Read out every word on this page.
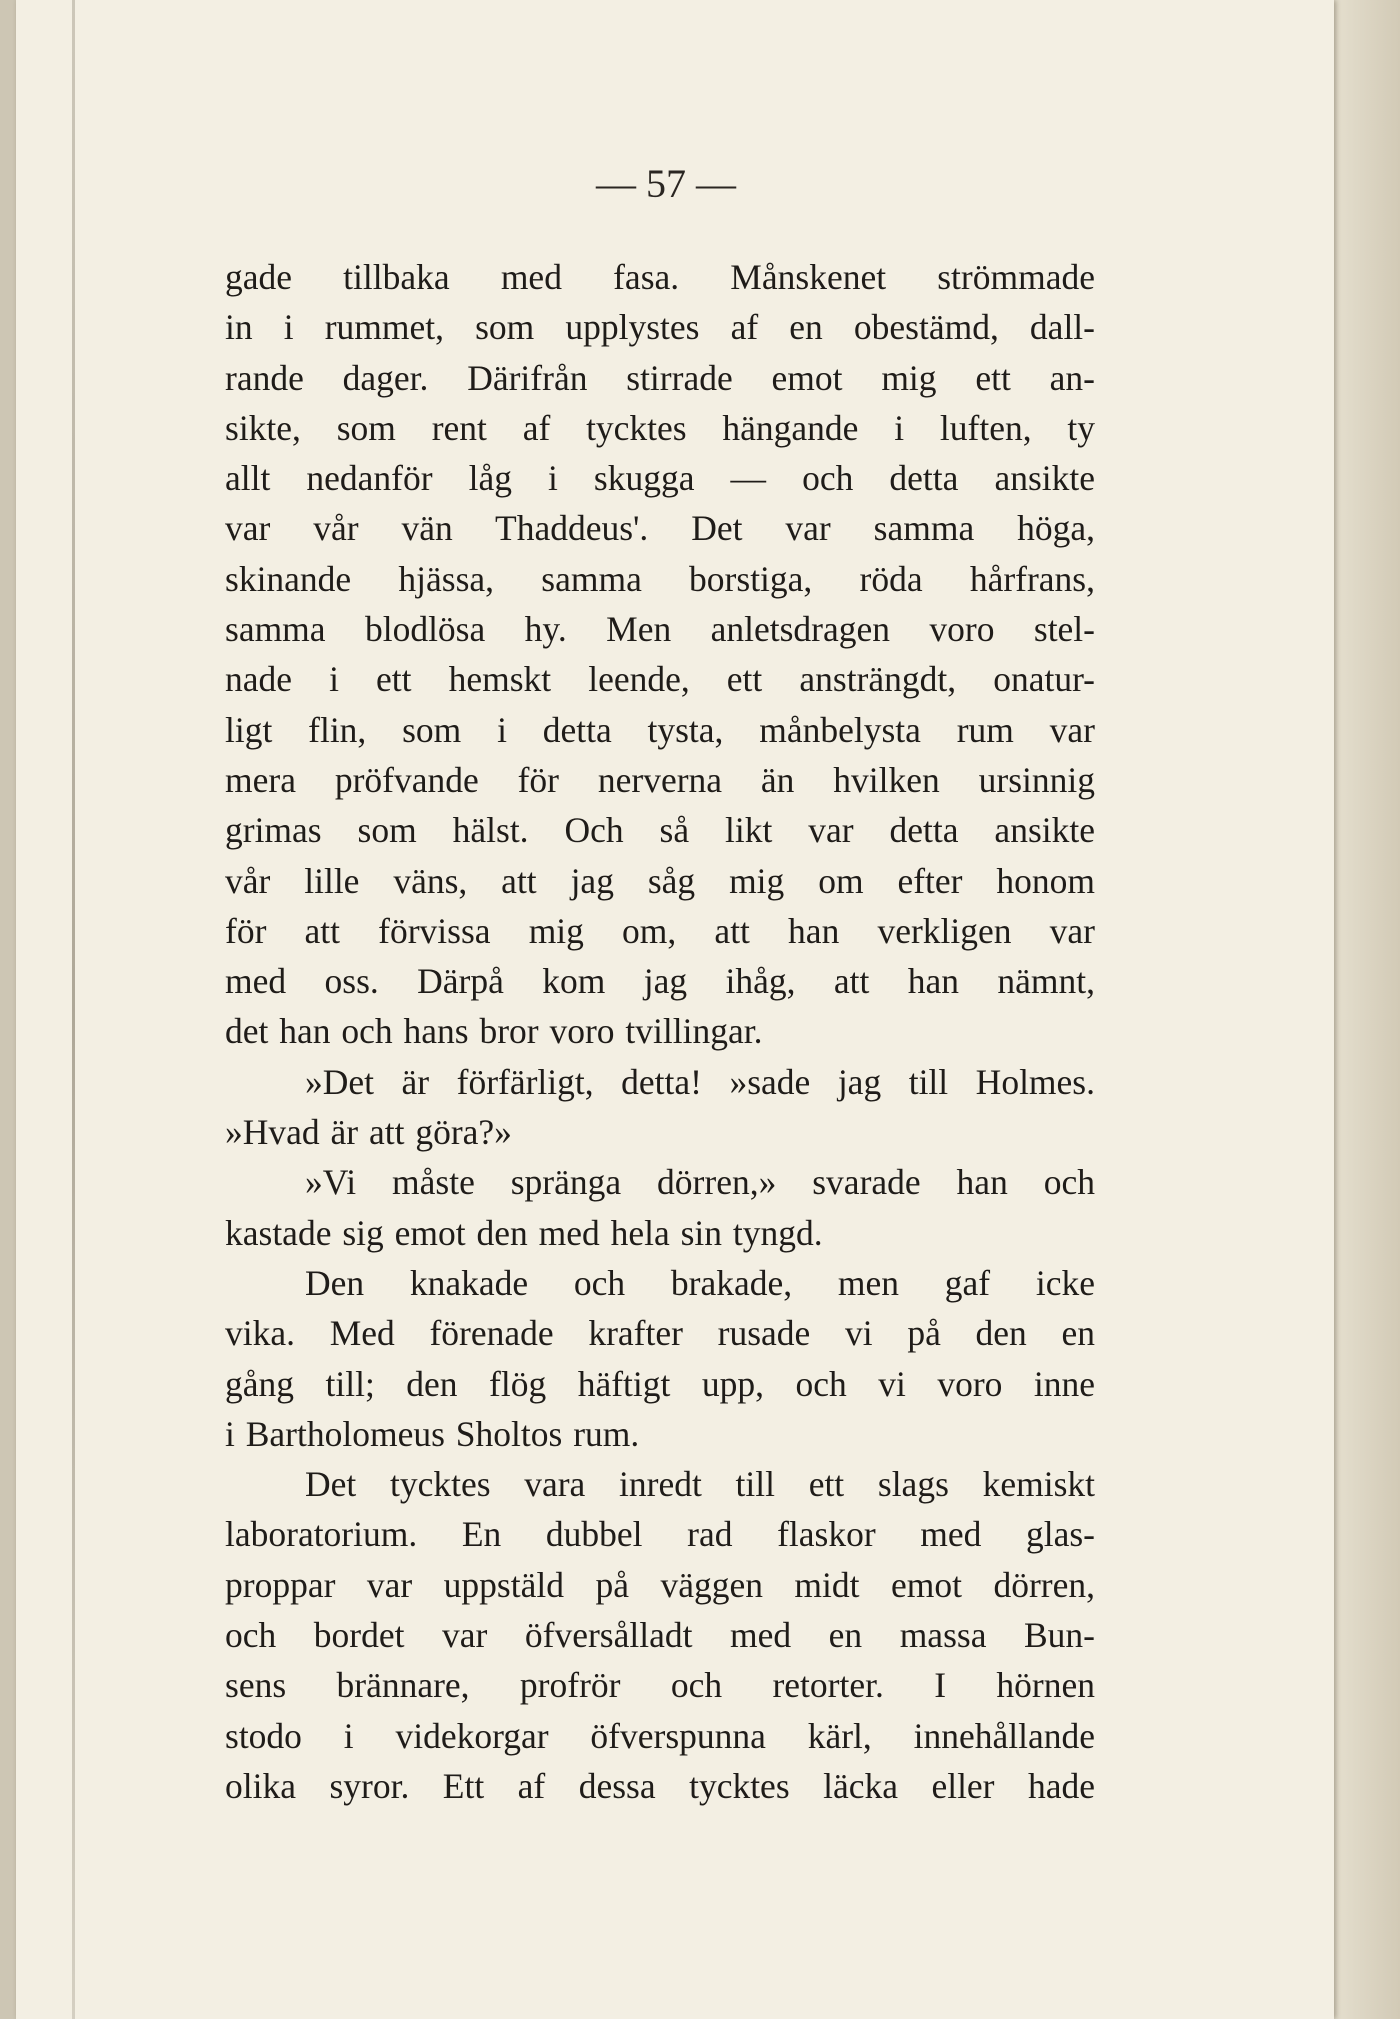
— 57 —

gade tillbaka med fasa. Månskenet strömmade
in i rummet, som upplystes af en obestämd, dall-
rande dager. Därifrån stirrade emot mig ett an-
sikte, som rent af tycktes hängande i luften, ty
allt nedanför låg i skugga — och detta ansikte
var vår vän Thaddeus'. Det var samma höga,
skinande hjässa, samma borstiga, röda hårfrans,
samma blodlösa hy. Men anletsdragen voro stel-
nade i ett hemskt leende, ett ansträngdt, onatur-
ligt flin, som i detta tysta, månbelysta rum var
mera pröfvande för nerverna än hvilken ursinnig
grimas som hälst. Och så likt var detta ansikte
vår lille väns, att jag såg mig om efter honom
för att förvissa mig om, att han verkligen var
med oss. Därpå kom jag ihåg, att han nämnt,
det han och hans bror voro tvillingar.
»Det är förfärligt, detta! »sade jag till Holmes.
»Hvad är att göra?»
»Vi måste spränga dörren,» svarade han och
kastade sig emot den med hela sin tyngd.
Den knakade och brakade, men gaf icke
vika. Med förenade krafter rusade vi på den en
gång till; den flög häftigt upp, och vi voro inne
i Bartholomeus Sholtos rum.
Det tycktes vara inredt till ett slags kemiskt
laboratorium. En dubbel rad flaskor med glas-
proppar var uppstäld på väggen midt emot dörren,
och bordet var öfversålladt med en massa Bun-
sens brännare, profrör och retorter. I hörnen
stodo i videkorgar öfverspunna kärl, innehållande
olika syror. Ett af dessa tycktes läcka eller hade
